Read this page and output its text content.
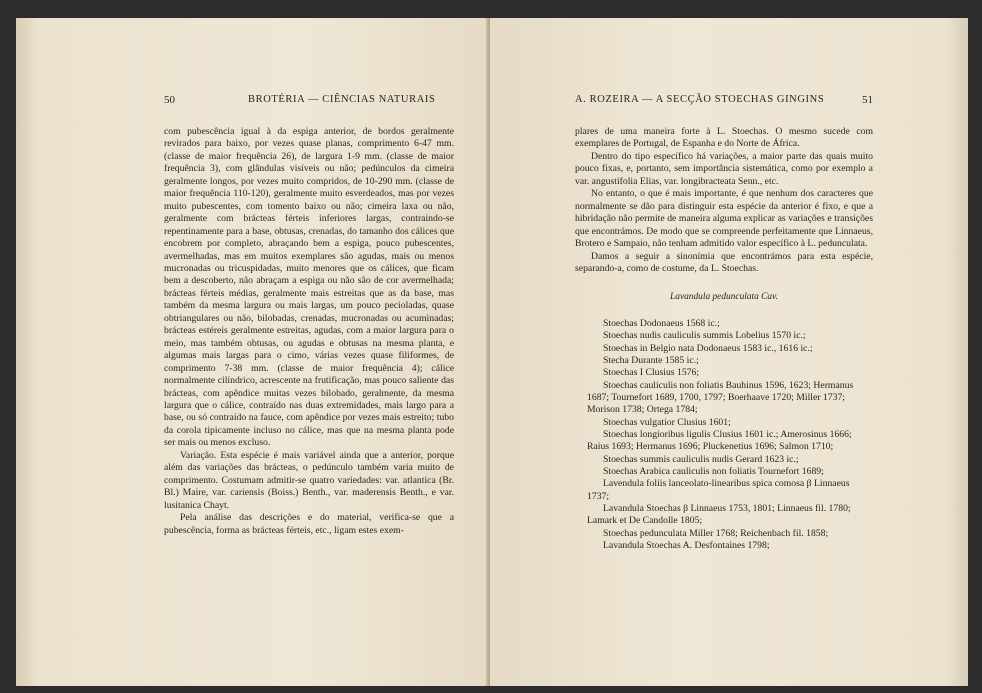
50	BROTÉRIA — CIÊNCIAS NATURAIS

com pubescência igual à da espiga anterior, de bordos geralmente revirados para baixo, por vezes quase planas, comprimento 6-47 mm. (classe de maior frequência 26), de largura 1-9 mm. (classe de maior frequência 3), com glândulas visíveis ou não; pedúnculos da cimeira geralmente longos, por vezes muito compridos, de 10-290 mm. (classe de maior frequência 110-120), geralmente muito esverdeados, mas por vezes muito pubescentes, com tomento baixo ou não; cimeira laxa ou não, geralmente com brácteas férteis inferiores largas, contraindo-se repentinamente para a base, obtusas, crenadas, do tamanho dos cálices que encobrem por completo, abraçando bem a espiga, pouco pubescentes, avermelhadas, mas em muitos exemplares são agudas, mais ou menos mucronadas ou tricuspidadas, muito menores que os cálices, que ficam bem a descoberto, não abraçam a espiga ou não são de cor avermelhada; brácteas férteis médias, geralmente mais estreitas que as da base, mas também da mesma largura ou mais largas, um pouco pecioladas, quase obtriangulares ou não, bilobadas, crenadas, mucronadas ou acuminadas; brácteas estéreis geralmente estreitas, agudas, com a maior largura para o meio, mas também obtusas, ou agudas e obtusas na mesma planta, e algumas mais largas para o cimo, várias vezes quase filiformes, de comprimento 7-38 mm. (classe de maior frequência 4); cálice normalmente cilíndrico, acrescente na frutificação, mas pouco saliente das brácteas, com apêndice muitas vezes bilobado, geralmente, da mesma largura que o cálice, contraído nas duas extremidades, mais largo para a base, ou só contraído na fauce, com apêndice por vezes mais estreito; tubo da corola tipicamente incluso no cálice, mas que na mesma planta pode ser mais ou menos excluso.

Variação. Esta espécie é mais variável ainda que a anterior, porque além das variações das brácteas, o pedúnculo também varia muito de comprimento. Costumam admitir-se quatro variedades: var. atlantica (Br. Bl.) Maire, var. cariensis (Boiss.) Benth., var. maderensis Benth., e var. lusitanica Chayt.

Pela análise das descrições e do material, verifica-se que a pubescência, forma as brácteas férteis, etc., ligam estes exem-

A. ROZEIRA — A SECÇÃO STOECHAS GINGINS	51

plares de uma maneira forte à L. Stoechas. O mesmo sucede com exemplares de Portugal, de Espanha e do Norte de África.

Dentro do tipo específico há variações, a maior parte das quais muito pouco fixas, e, portanto, sem importância sistemática, como por exemplo a var. angustifolia Elias, var. longibracteata Senn., etc.

No entanto, o que é mais importante, é que nenhum dos caracteres que normalmente se dão para distinguir esta espécie da anterior é fixo, e que a hibridação não permite de maneira alguma explicar as variações e transições que encontrámos. De modo que se compreende perfeitamente que Linnaeus, Brotero e Sampaio, não tenham admitido valor específico à L. pedunculata.

Damos a seguir a sinonímia que encontrámos para esta espécie, separando-a, como de costume, da L. Stoechas.

Lavandula pedunculata Cav.

Stoechas Dodonaeus 1568 ic.;

Stoechas nudis cauliculis summis Lobelius 1570 ic.;

Stoechas in Belgio nata Dodonaeus 1583 ic., 1616 ic.;

Stecha Durante 1585 ic.;

Stoechas I Clusius 1576;

Stoechas cauliculis non foliatis Bauhinus 1596, 1623; Hermanus 1687; Tournefort 1689, 1700, 1797; Boerhaave 1720; Miller 1737; Morison 1738; Ortega 1784;

Stoechas vulgatior Clusius 1601;

Stoechas longioribus ligulis Clusius 1601 ic.; Amerosinus 1666; Raius 1693; Hermanus 1696; Pluckenetius 1696; Salmon 1710;

Stoechas summis cauliculis nudis Gerard 1623 ic.;

Stoechas Arabica cauliculis non foliatis Tournefort 1689;

Lavendula foliis lanceolato-linearibus spica comosa β Linnaeus 1737;

Lavandula Stoechas β Linnaeus 1753, 1801; Linnaeus fil. 1780; Lamark et De Candolle 1805;

Stoechas pedunculata Miller 1768; Reichenbach fil. 1858;

Lavandula Stoechas A. Desfontaines 1798;
